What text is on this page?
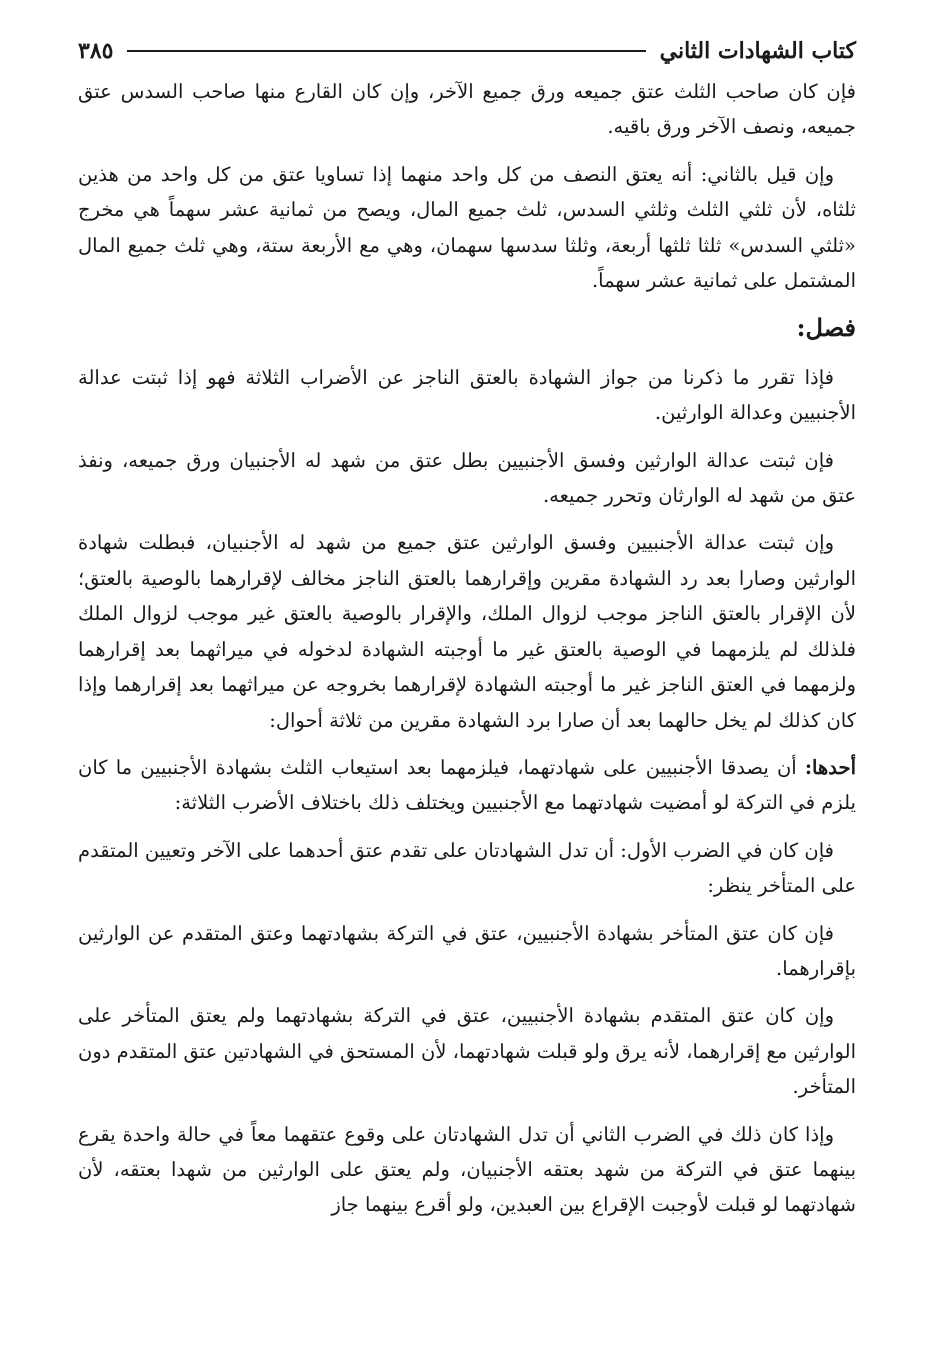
كتاب الشهادات الثاني
٣٨٥

فإن كان صاحب الثلث عتق جميعه ورق جميع الآخر، وإن كان القارع منها صاحب السدس عتق جميعه، ونصف الآخر ورق باقيه.

وإن قيل بالثاني: أنه يعتق النصف من كل واحد منهما إذا تساويا عتق من كل واحد من هذين ثلثاه، لأن ثلثي الثلث وثلثي السدس، ثلث جميع المال، ويصح من ثمانية عشر سهماً هي مخرج «ثلثي السدس» ثلثا ثلثها أربعة، وثلثا سدسها سهمان، وهي مع الأربعة ستة، وهي ثلث جميع المال المشتمل على ثمانية عشر سهماً.

فصل:

فإذا تقرر ما ذكرنا من جواز الشهادة بالعتق الناجز عن الأضراب الثلاثة فهو إذا ثبتت عدالة الأجنبيين وعدالة الوارثين.

فإن ثبتت عدالة الوارثين وفسق الأجنبيين بطل عتق من شهد له الأجنبيان ورق جميعه، ونفذ عتق من شهد له الوارثان وتحرر جميعه.

وإن ثبتت عدالة الأجنبيين وفسق الوارثين عتق جميع من شهد له الأجنبيان، فبطلت شهادة الوارثين وصارا بعد رد الشهادة مقرين وإقرارهما بالعتق الناجز مخالف لإقرارهما بالوصية بالعتق؛ لأن الإقرار بالعتق الناجز موجب لزوال الملك، والإقرار بالوصية بالعتق غير موجب لزوال الملك فلذلك لم يلزمهما في الوصية بالعتق غير ما أوجبته الشهادة لدخوله في ميراثهما بعد إقرارهما ولزمهما في العتق الناجز غير ما أوجبته الشهادة لإقرارهما بخروجه عن ميراثهما بعد إقرارهما وإذا كان كذلك لم يخل حالهما بعد أن صارا برد الشهادة مقرين من ثلاثة أحوال:

أحدها: أن يصدقا الأجنبيين على شهادتهما، فيلزمهما بعد استيعاب الثلث بشهادة الأجنبيين ما كان يلزم في التركة لو أمضيت شهادتهما مع الأجنبيين ويختلف ذلك باختلاف الأضرب الثلاثة:

فإن كان في الضرب الأول: أن تدل الشهادتان على تقدم عتق أحدهما على الآخر وتعيين المتقدم على المتأخر ينظر:

فإن كان عتق المتأخر بشهادة الأجنبيين، عتق في التركة بشهادتهما وعتق المتقدم عن الوارثين بإقرارهما.

وإن كان عتق المتقدم بشهادة الأجنبيين، عتق في التركة بشهادتهما ولم يعتق المتأخر على الوارثين مع إقرارهما، لأنه يرق ولو قبلت شهادتهما، لأن المستحق في الشهادتين عتق المتقدم دون المتأخر.

وإذا كان ذلك في الضرب الثاني أن تدل الشهادتان على وقوع عتقهما معاً في حالة واحدة يقرع بينهما عتق في التركة من شهد بعتقه الأجنبيان، ولم يعتق على الوارثين من شهدا بعتقه، لأن شهادتهما لو قبلت لأوجبت الإقراع بين العبدين، ولو أقرع بينهما جاز
